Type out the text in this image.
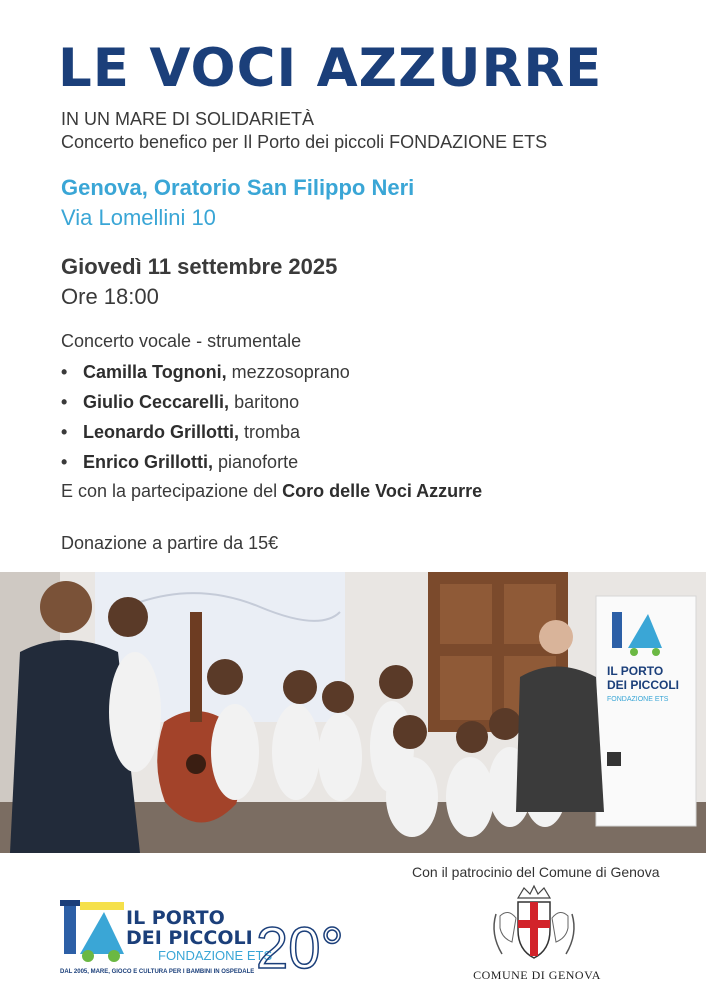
LE VOCI AZZURRE
IN UN MARE DI SOLIDARIETÀ
Concerto benefico per Il Porto dei piccoli FONDAZIONE ETS
Genova, Oratorio San Filippo Neri
Via Lomellini 10
Giovedì 11 settembre 2025
Ore 18:00
Concerto vocale - strumentale
• Camilla Tognoni, mezzosoprano
• Giulio Ceccarelli, baritono
• Leonardo Grillotti, tromba
• Enrico Grillotti, pianoforte
E con la partecipazione del Coro delle Voci Azzurre
Donazione a partire da 15€
IL PORTO
DEI PICCOLI
FONDAZIONE ETS
Con il patrocinio del Comune di Genova
IL PORTO
DEI PICCOLI
FONDAZIONE ETS
DAL 2005, MARE, GIOCO E CULTURA PER I BAMBINI IN OSPEDALE 20°	COMUNE DI GENOVA
